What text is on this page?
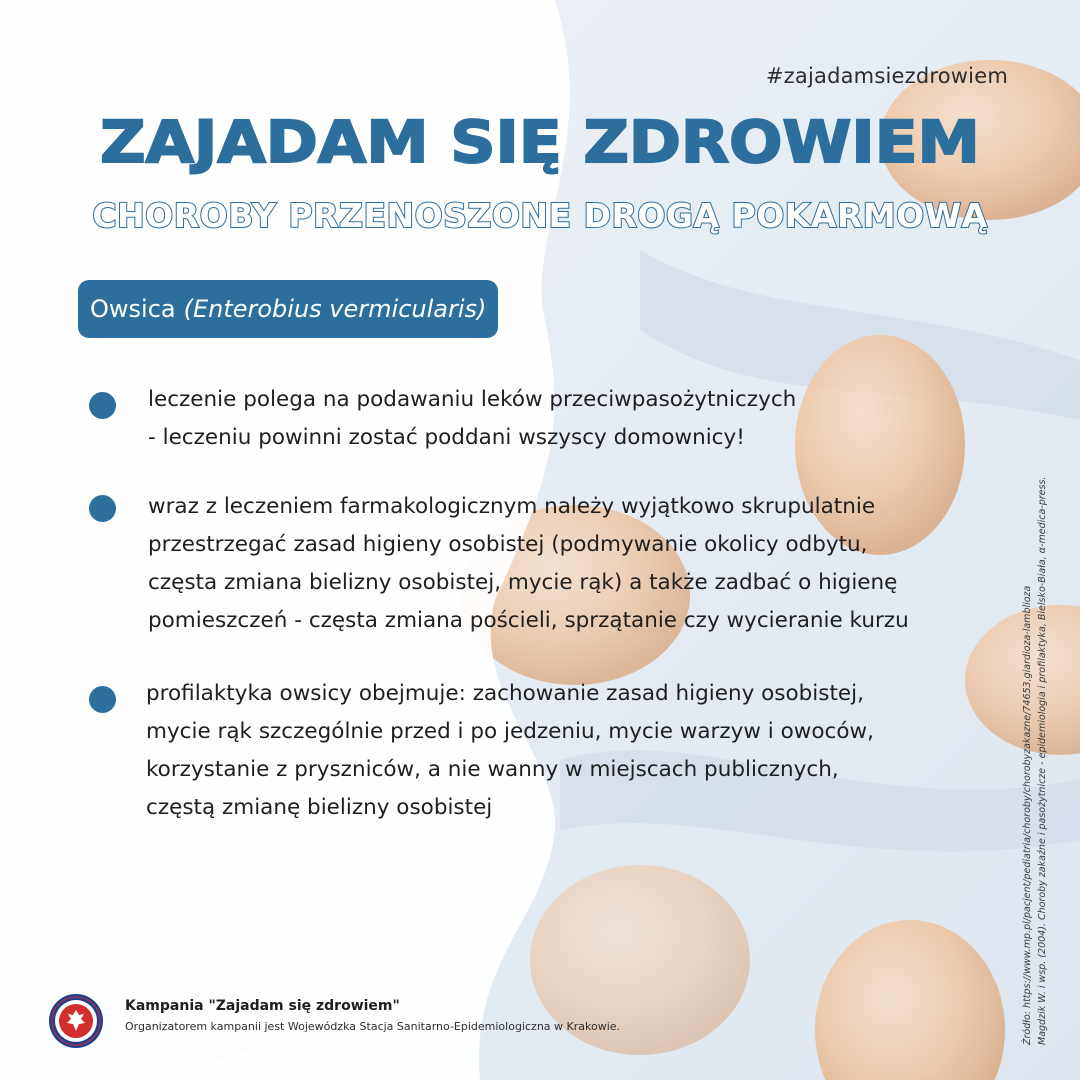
#zajadamsiezdrowiem
ZAJADAM SIĘ ZDROWIEM
CHOROBY PRZENOSZONE DROGĄ POKARMOWĄ
Owsica (Enterobius vermicularis)
leczenie polega na podawaniu leków przeciwpasożytniczych
- leczeniu powinni zostać poddani wszyscy domownicy!
wraz z leczeniem farmakologicznym należy wyjątkowo skrupulatnie
przestrzegać zasad higieny osobistej (podmywanie okolicy odbytu,
częsta zmiana bielizny osobistej, mycie rąk) a także zadbać o higienę
pomieszczeń - częsta zmiana pościeli, sprzątanie czy wycieranie kurzu
profilaktyka owsicy obejmuje: zachowanie zasad higieny osobistej,
mycie rąk szczególnie przed i po jedzeniu, mycie warzyw i owoców,
korzystanie z pryszniców, a nie wanny w miejscach publicznych,
częstą zmianę bielizny osobistej
Kampania "Zajadam się zdrowiem"
Organizatorem kampanii jest Wojewódzka Stacja Sanitarno-Epidemiologiczna w Krakowie.	Źródło: https://www.mp.pl/pacjent/pediatria/choroby/chorobyzakazne/74653,giardioza-lamblioza Magdzik W. i wsp. (2004). Choroby zakaźne i pasożytnicze - epidemiologia i profilaktyka, Bielsko-Biała, α-medica-press.
